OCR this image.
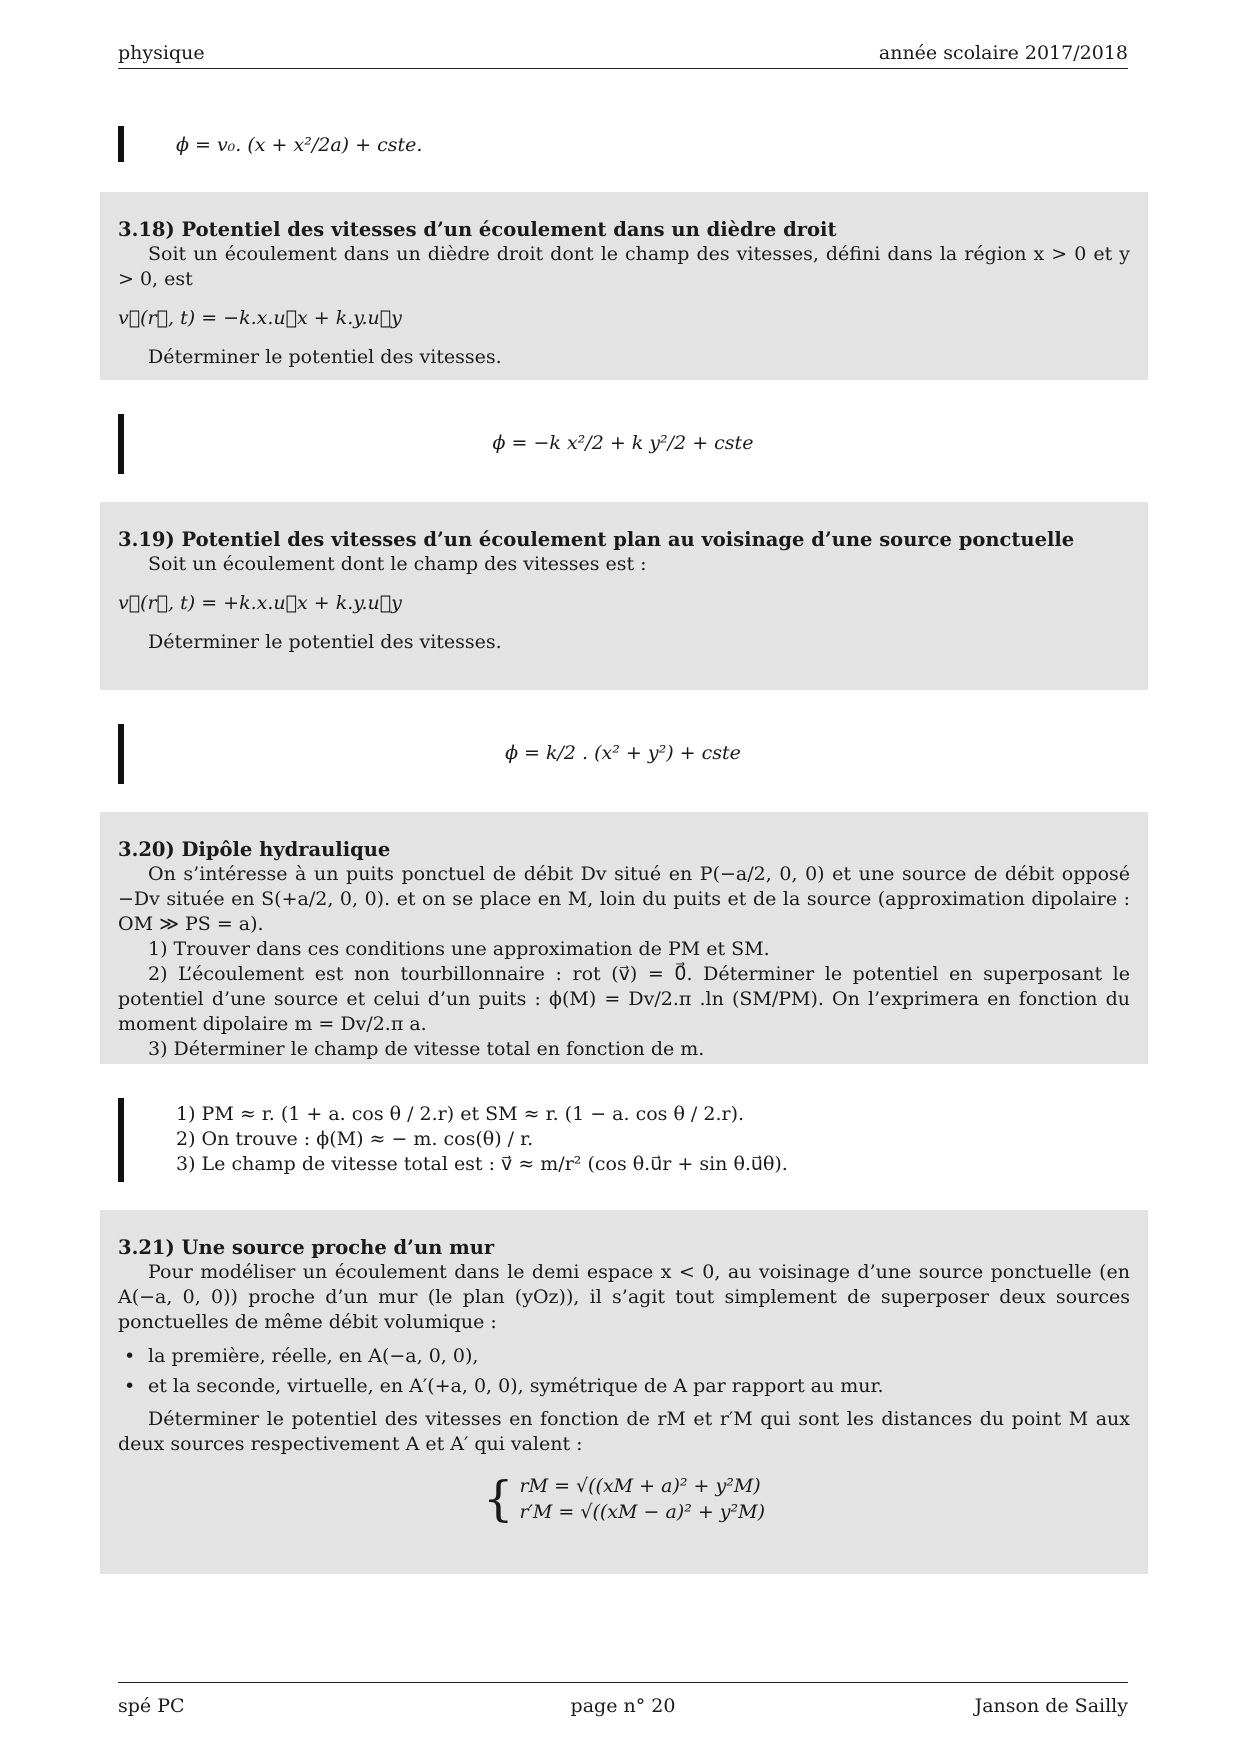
physique	année scolaire 2017/2018
ϕ = v₀. (x + x²/2a) + cste.
3.18) Potentiel des vitesses d’un écoulement dans un dièdre droit

Soit un écoulement dans un dièdre droit dont le champ des vitesses, défini dans la région x > 0 et y > 0, est

v⃗(r⃗, t) = −k.x.u⃗x + k.y.u⃗y

Déterminer le potentiel des vitesses.

ϕ = −k x²/2 + k y²/2 + cste
3.19) Potentiel des vitesses d’un écoulement plan au voisinage d’une source ponctuelle

Soit un écoulement dont le champ des vitesses est :

v⃗(r⃗, t) = +k.x.u⃗x + k.y.u⃗y

Déterminer le potentiel des vitesses.

ϕ = k/2 . (x² + y²) + cste
3.20) Dipôle hydraulique

On s’intéresse à un puits ponctuel de débit Dv situé en P(−a/2, 0, 0) et une source de débit opposé −Dv située en S(+a/2, 0, 0). et on se place en M, loin du puits et de la source (approximation dipolaire : OM ≫ PS = a).

1) Trouver dans ces conditions une approximation de PM et SM.

2) L’écoulement est non tourbillonnaire : rot (v⃗) = 0⃗. Déterminer le potentiel en superposant le potentiel d’une source et celui d’un puits : ϕ(M) = Dv/2.π .ln (SM/PM). On l’exprimera en fonction du moment dipolaire m = Dv/2.π a.

3) Déterminer le champ de vitesse total en fonction de m.

1) PM ≈ r. (1 + a. cos θ / 2.r) et SM ≈ r. (1 − a. cos θ / 2.r).
2) On trouve : ϕ(M) ≈ − m. cos(θ) / r.
3) Le champ de vitesse total est : v⃗ ≈ m/r² (cos θ.u⃗r + sin θ.u⃗θ).
3.21) Une source proche d’un mur

Pour modéliser un écoulement dans le demi espace x < 0, au voisinage d’une source ponctuelle (en A(−a, 0, 0)) proche d’un mur (le plan (yOz)), il s’agit tout simplement de superposer deux sources ponctuelles de même débit volumique :

• la première, réelle, en A(−a, 0, 0),
• et la seconde, virtuelle, en A′(+a, 0, 0), symétrique de A par rapport au mur.

Déterminer le potentiel des vitesses en fonction de rM et r′M qui sont les distances du point M aux deux sources respectivement A et A′ qui valent :

{ rM = √((xM + a)² + y²M)
r′M = √((xM − a)² + y²M)
spé PC	page n° 20	Janson de Sailly
